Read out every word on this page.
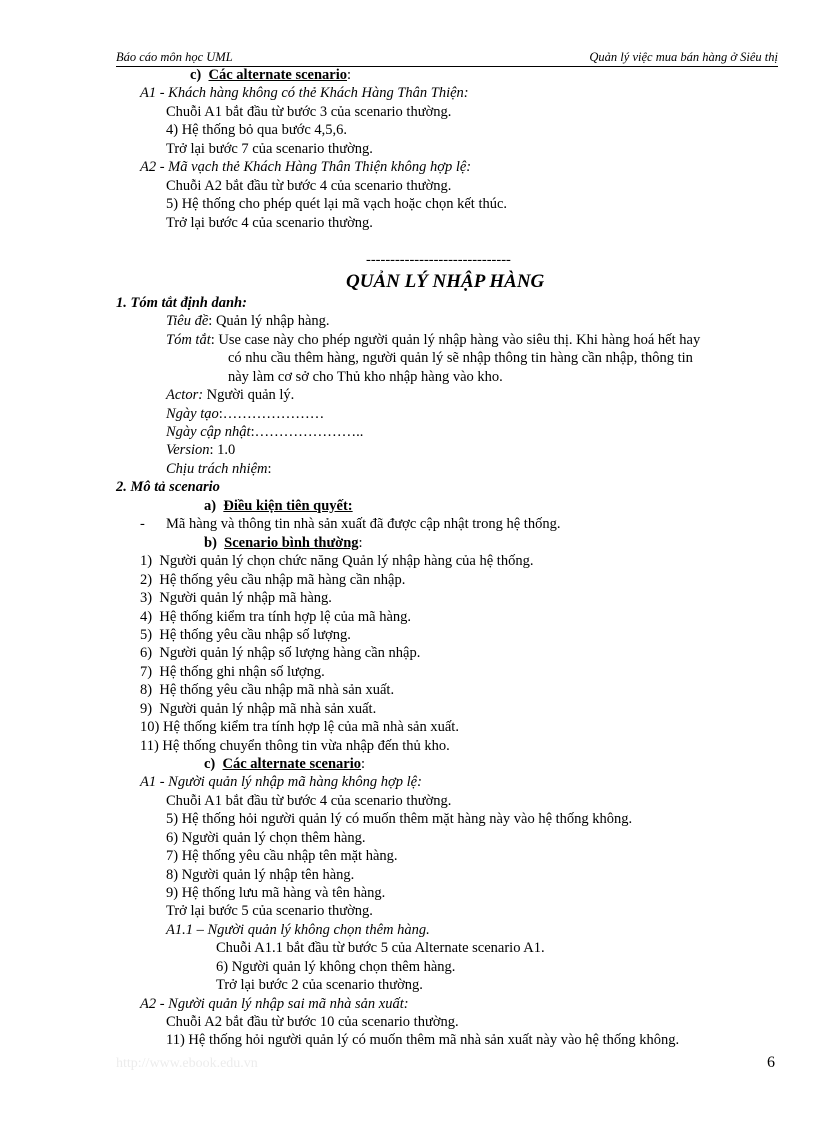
Báo cáo môn học UML	Quản lý việc mua bán hàng ở Siêu thị
c) Các alternate scenario:
A1 - Khách hàng không có thẻ Khách Hàng Thân Thiện:
Chuỗi A1 bắt đầu từ bước 3 của scenario thường.
4) Hệ thống bỏ qua bước 4,5,6.
Trở lại bước 7 của scenario thường.
A2 - Mã vạch thẻ Khách Hàng Thân Thiện không hợp lệ:
Chuỗi A2 bắt đầu từ bước 4 của scenario thường.
5) Hệ thống cho phép quét lại mã vạch hoặc chọn kết thúc.
Trở lại bước 4 của scenario thường.
------------------------------
QUẢN LÝ NHẬP HÀNG
1. Tóm tắt định danh:
Tiêu đề: Quản lý nhập hàng.
Tóm tắt: Use case này cho phép người quản lý nhập hàng vào siêu thị. Khi hàng hoá hết hay
có nhu cầu thêm hàng, người quản lý sẽ nhập thông tin hàng cần nhập, thông tin
này làm cơ sở cho Thủ kho nhập hàng vào kho.
Actor: Người quản lý.
Ngày tạo:…………………
Ngày cập nhật:…………………..
Version: 1.0
Chịu trách nhiệm:
2. Mô tả scenario
a) Điều kiện tiên quyết:
- Mã hàng và thông tin nhà sản xuất đã được cập nhật trong hệ thống.
b) Scenario bình thường:
1) Người quản lý chọn chức năng Quản lý nhập hàng của hệ thống.
2) Hệ thống yêu cầu nhập mã hàng cần nhập.
3) Người quản lý nhập mã hàng.
4) Hệ thống kiểm tra tính hợp lệ của mã hàng.
5) Hệ thống yêu cầu nhập số lượng.
6) Người quản lý nhập số lượng hàng cần nhập.
7) Hệ thống ghi nhận số lượng.
8) Hệ thống yêu cầu nhập mã nhà sản xuất.
9) Người quản lý nhập mã nhà sản xuất.
10) Hệ thống kiểm tra tính hợp lệ của mã nhà sản xuất.
11) Hệ thống chuyển thông tin vừa nhập đến thủ kho.
c) Các alternate scenario:
A1 - Người quản lý nhập mã hàng không hợp lệ:
Chuỗi A1 bắt đầu từ bước 4 của scenario thường.
5) Hệ thống hỏi người quản lý có muốn thêm mặt hàng này vào hệ thống không.
6) Người quản lý chọn thêm hàng.
7) Hệ thống yêu cầu nhập tên mặt hàng.
8) Người quản lý nhập tên hàng.
9) Hệ thống lưu mã hàng và tên hàng.
Trở lại bước 5 của scenario thường.
A1.1 – Người quản lý không chọn thêm hàng.
Chuỗi A1.1 bắt đầu từ bước 5 của Alternate scenario A1.
6) Người quản lý không chọn thêm hàng.
Trở lại bước 2 của scenario thường.
A2 - Người quản lý nhập sai mã nhà sản xuất:
Chuỗi A2 bắt đầu từ bước 10 của scenario thường.
11) Hệ thống hỏi người quản lý có muốn thêm mã nhà sản xuất này vào hệ thống không.
http://www.ebook.edu.vn	6
